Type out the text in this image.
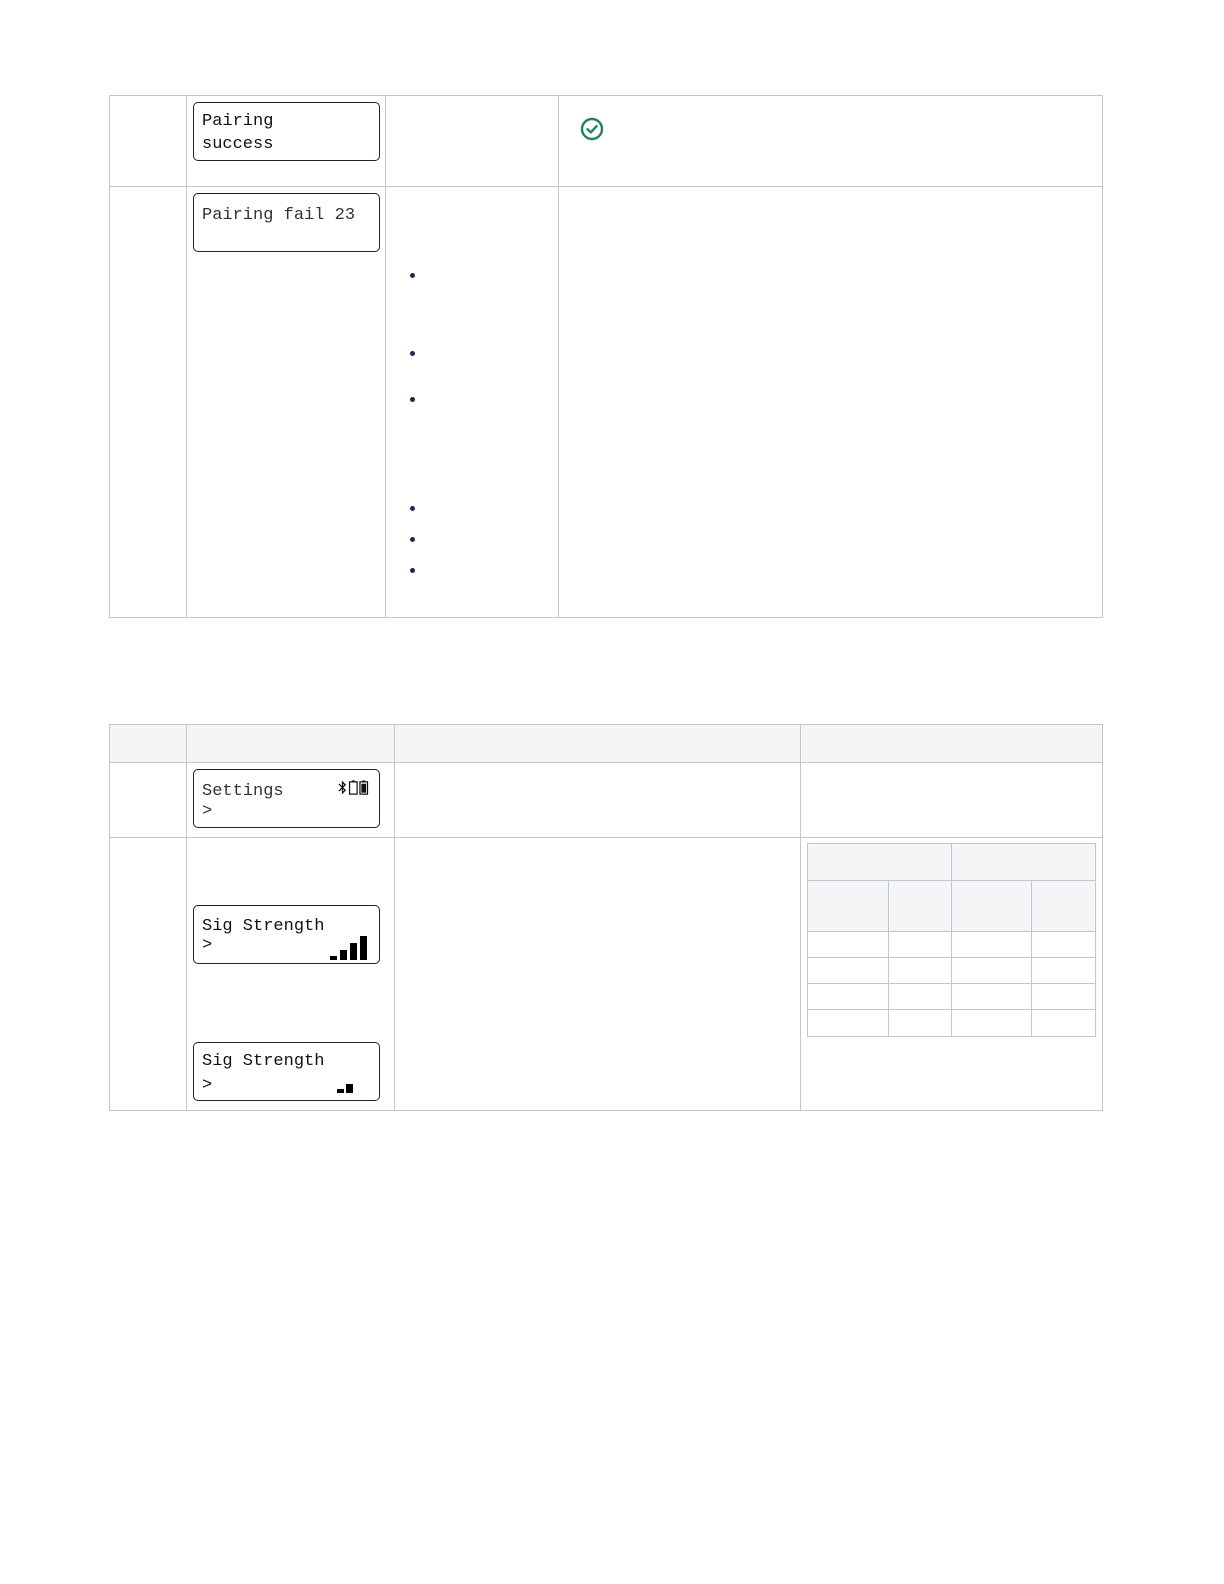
Pairing
success
Pairing fail 23
Settings
>
Sig Strength
>
Sig Strength
>
